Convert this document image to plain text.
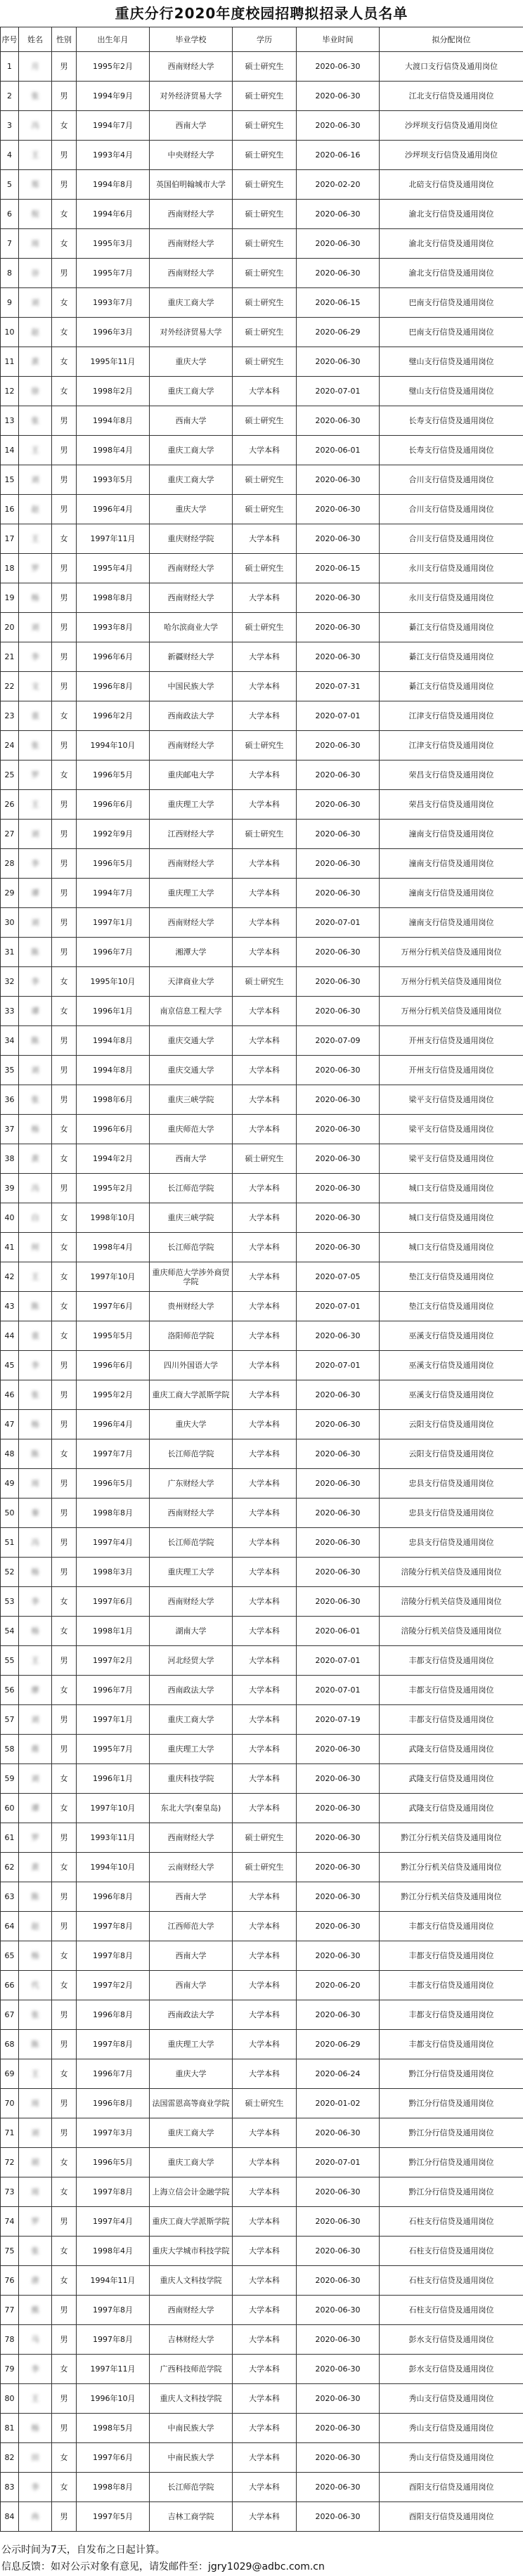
重庆分行2020年度校园招聘拟招录人员名单
序号	姓名	性别	出生年月	毕业学校	学历	毕业时间	拟分配岗位
1	月	男	1995年2月	西南财经大学	硕士研究生	2020-06-30	大渡口支行信贷及通用岗位
2	张	男	1994年9月	对外经济贸易大学	硕士研究生	2020-06-30	江北支行信贷及通用岗位
3	冯	女	1994年7月	西南大学	硕士研究生	2020-06-30	沙坪坝支行信贷及通用岗位
4	王	男	1993年4月	中央财经大学	硕士研究生	2020-06-16	沙坪坝支行信贷及通用岗位
5	郑	男	1994年8月	英国伯明翰城市大学	硕士研究生	2020-02-20	北碚支行信贷及通用岗位
6	倪	女	1994年6月	西南财经大学	硕士研究生	2020-06-30	渝北支行信贷及通用岗位
7	周	女	1995年3月	西南财经大学	硕士研究生	2020-06-30	渝北支行信贷及通用岗位
8	谷	男	1995年7月	西南财经大学	硕士研究生	2020-06-30	渝北支行信贷及通用岗位
9	刘	女	1993年7月	重庆工商大学	硕士研究生	2020-06-15	巴南支行信贷及通用岗位
10	赵	女	1996年3月	对外经济贸易大学	硕士研究生	2020-06-29	巴南支行信贷及通用岗位
11	黄	女	1995年11月	重庆大学	硕士研究生	2020-06-30	璧山支行信贷及通用岗位
12	徐	女	1998年2月	重庆工商大学	大学本科	2020-07-01	璧山支行信贷及通用岗位
13	张	男	1994年8月	西南大学	硕士研究生	2020-06-30	长寿支行信贷及通用岗位
14	王	男	1998年4月	重庆工商大学	大学本科	2020-06-01	长寿支行信贷及通用岗位
15	刘	男	1993年5月	重庆工商大学	硕士研究生	2020-06-30	合川支行信贷及通用岗位
16	赵	男	1996年4月	重庆大学	硕士研究生	2020-06-30	合川支行信贷及通用岗位
17	王	女	1997年11月	重庆财经学院	大学本科	2020-06-30	合川支行信贷及通用岗位
18	罗	男	1995年4月	西南财经大学	硕士研究生	2020-06-15	永川支行信贷及通用岗位
19	杨	男	1998年8月	西南财经大学	大学本科	2020-06-30	永川支行信贷及通用岗位
20	刘	男	1993年8月	哈尔滨商业大学	硕士研究生	2020-06-30	綦江支行信贷及通用岗位
21	李	男	1996年6月	新疆财经大学	大学本科	2020-06-30	綦江支行信贷及通用岗位
22	文	男	1996年8月	中国民族大学	大学本科	2020-07-31	綦江支行信贷及通用岗位
23	袁	女	1996年2月	西南政法大学	大学本科	2020-07-01	江津支行信贷及通用岗位
24	张	男	1994年10月	西南财经大学	硕士研究生	2020-06-30	江津支行信贷及通用岗位
25	罗	女	1996年5月	重庆邮电大学	大学本科	2020-06-30	荣昌支行信贷及通用岗位
26	王	男	1996年6月	重庆理工大学	大学本科	2020-06-30	荣昌支行信贷及通用岗位
27	刘	男	1992年9月	江西财经大学	硕士研究生	2020-06-30	潼南支行信贷及通用岗位
28	李	男	1996年5月	西南财经大学	大学本科	2020-06-30	潼南支行信贷及通用岗位
29	谭	男	1994年7月	重庆理工大学	大学本科	2020-06-30	潼南支行信贷及通用岗位
30	刘	男	1997年1月	西南财经大学	大学本科	2020-07-01	潼南支行信贷及通用岗位
31	陈	男	1996年7月	湘潭大学	大学本科	2020-06-30	万州分行机关信贷及通用岗位
32	李	女	1995年10月	天津商业大学	硕士研究生	2020-06-30	万州分行机关信贷及通用岗位
33	谭	女	1996年1月	南京信息工程大学	大学本科	2020-06-30	万州分行机关信贷及通用岗位
34	陈	男	1994年8月	重庆交通大学	大学本科	2020-07-09	开州支行信贷及通用岗位
35	刘	男	1994年8月	重庆交通大学	大学本科	2020-06-30	开州支行信贷及通用岗位
36	张	男	1998年6月	重庆三峡学院	大学本科	2020-06-30	梁平支行信贷及通用岗位
37	杨	女	1996年6月	重庆师范大学	大学本科	2020-06-30	梁平支行信贷及通用岗位
38	黄	女	1994年2月	西南大学	硕士研究生	2020-06-30	梁平支行信贷及通用岗位
39	冯	男	1995年2月	长江师范学院	大学本科	2020-06-30	城口支行信贷及通用岗位
40	白	女	1998年10月	重庆三峡学院	大学本科	2020-06-30	城口支行信贷及通用岗位
41	何	女	1998年4月	长江师范学院	大学本科	2020-06-30	城口支行信贷及通用岗位
42	王	女	1997年10月	重庆师范大学涉外商贸学院	大学本科	2020-07-05	垫江支行信贷及通用岗位
43	陈	女	1997年6月	贵州财经大学	大学本科	2020-07-01	垫江支行信贷及通用岗位
44	袁	女	1995年5月	洛阳师范学院	大学本科	2020-06-30	巫溪支行信贷及通用岗位
45	李	男	1996年6月	四川外国语大学	大学本科	2020-07-01	巫溪支行信贷及通用岗位
46	张	男	1995年2月	重庆工商大学派斯学院	大学本科	2020-06-30	巫溪支行信贷及通用岗位
47	杨	男	1996年4月	重庆大学	大学本科	2020-06-30	云阳支行信贷及通用岗位
48	陈	女	1997年7月	长江师范学院	大学本科	2020-06-30	云阳支行信贷及通用岗位
49	周	男	1996年5月	广东财经大学	大学本科	2020-06-30	忠县支行信贷及通用岗位
50	秦	男	1998年8月	西南财经大学	大学本科	2020-06-30	忠县支行信贷及通用岗位
51	冯	男	1997年4月	长江师范学院	大学本科	2020-06-30	忠县支行信贷及通用岗位
52	杨	男	1998年3月	重庆理工大学	大学本科	2020-06-30	涪陵分行机关信贷及通用岗位
53	李	女	1997年6月	西南财经大学	大学本科	2020-06-30	涪陵分行机关信贷及通用岗位
54	杨	女	1998年1月	湖南大学	大学本科	2020-06-01	涪陵分行机关信贷及通用岗位
55	王	男	1997年2月	河北经贸大学	大学本科	2020-07-01	丰都支行信贷及通用岗位
56	廖	女	1996年7月	西南政法大学	大学本科	2020-07-01	丰都支行信贷及通用岗位
57	刘	男	1997年1月	重庆工商大学	大学本科	2020-07-19	丰都支行信贷及通用岗位
58	蒋	男	1995年7月	重庆理工大学	大学本科	2020-06-30	武隆支行信贷及通用岗位
59	刘	女	1996年1月	重庆科技学院	大学本科	2020-06-30	武隆支行信贷及通用岗位
60	谭	女	1997年10月	东北大学(秦皇岛)	大学本科	2020-06-30	武隆支行信贷及通用岗位
61	罗	男	1993年11月	西南财经大学	硕士研究生	2020-06-30	黔江分行机关信贷及通用岗位
62	黄	女	1994年10月	云南财经大学	硕士研究生	2020-06-30	黔江分行机关信贷及通用岗位
63	陈	男	1996年8月	西南大学	大学本科	2020-06-30	黔江分行机关信贷及通用岗位
64	赵	男	1997年8月	江西师范大学	大学本科	2020-06-30	丰都支行信贷及通用岗位
65	杨	女	1997年8月	西南大学	大学本科	2020-06-30	丰都支行信贷及通用岗位
66	代	女	1997年2月	西南大学	大学本科	2020-06-20	丰都支行信贷及通用岗位
67	张	男	1996年8月	西南政法大学	大学本科	2020-06-30	丰都支行信贷及通用岗位
68	陈	男	1997年8月	重庆理工大学	大学本科	2020-06-29	丰都支行信贷及通用岗位
69	王	女	1996年7月	重庆大学	大学本科	2020-06-24	黔江分行信贷及通用岗位
70	周	男	1996年8月	法国雷恩高等商业学院	硕士研究生	2020-01-02	黔江分行信贷及通用岗位
71	刘	男	1997年3月	重庆工商大学	大学本科	2020-06-30	黔江分行信贷及通用岗位
72	胡	女	1996年5月	重庆工商大学	大学本科	2020-07-01	黔江分行信贷及通用岗位
73	周	女	1997年8月	上海立信会计金融学院	大学本科	2020-06-30	黔江分行信贷及通用岗位
74	罗	男	1997年4月	重庆工商大学派斯学院	大学本科	2020-06-30	石柱支行信贷及通用岗位
75	张	女	1998年4月	重庆大学城市科技学院	大学本科	2020-06-30	石柱支行信贷及通用岗位
76	唐	女	1994年11月	重庆人文科技学院	大学本科	2020-06-30	石柱支行信贷及通用岗位
77	熊	男	1997年8月	西南财经大学	大学本科	2020-06-30	石柱支行信贷及通用岗位
78	马	男	1997年8月	吉林财经大学	大学本科	2020-06-30	彭水支行信贷及通用岗位
79	李	女	1997年11月	广西科技师范学院	大学本科	2020-06-30	彭水支行信贷及通用岗位
80	王	男	1996年10月	重庆人文科技学院	大学本科	2020-06-30	秀山支行信贷及通用岗位
81	杨	男	1998年5月	中南民族大学	大学本科	2020-06-30	秀山支行信贷及通用岗位
82	田	女	1997年6月	中南民族大学	大学本科	2020-06-30	秀山支行信贷及通用岗位
83	李	女	1998年8月	长江师范学院	大学本科	2020-06-30	酉阳支行信贷及通用岗位
84	冉	男	1997年5月	吉林工商学院	大学本科	2020-06-30	酉阳支行信贷及通用岗位
公示时间为7天，自发布之日起计算。
信息反馈：如对公示对象有意见，请发邮件至：jgry1029@adbc.com.cn
